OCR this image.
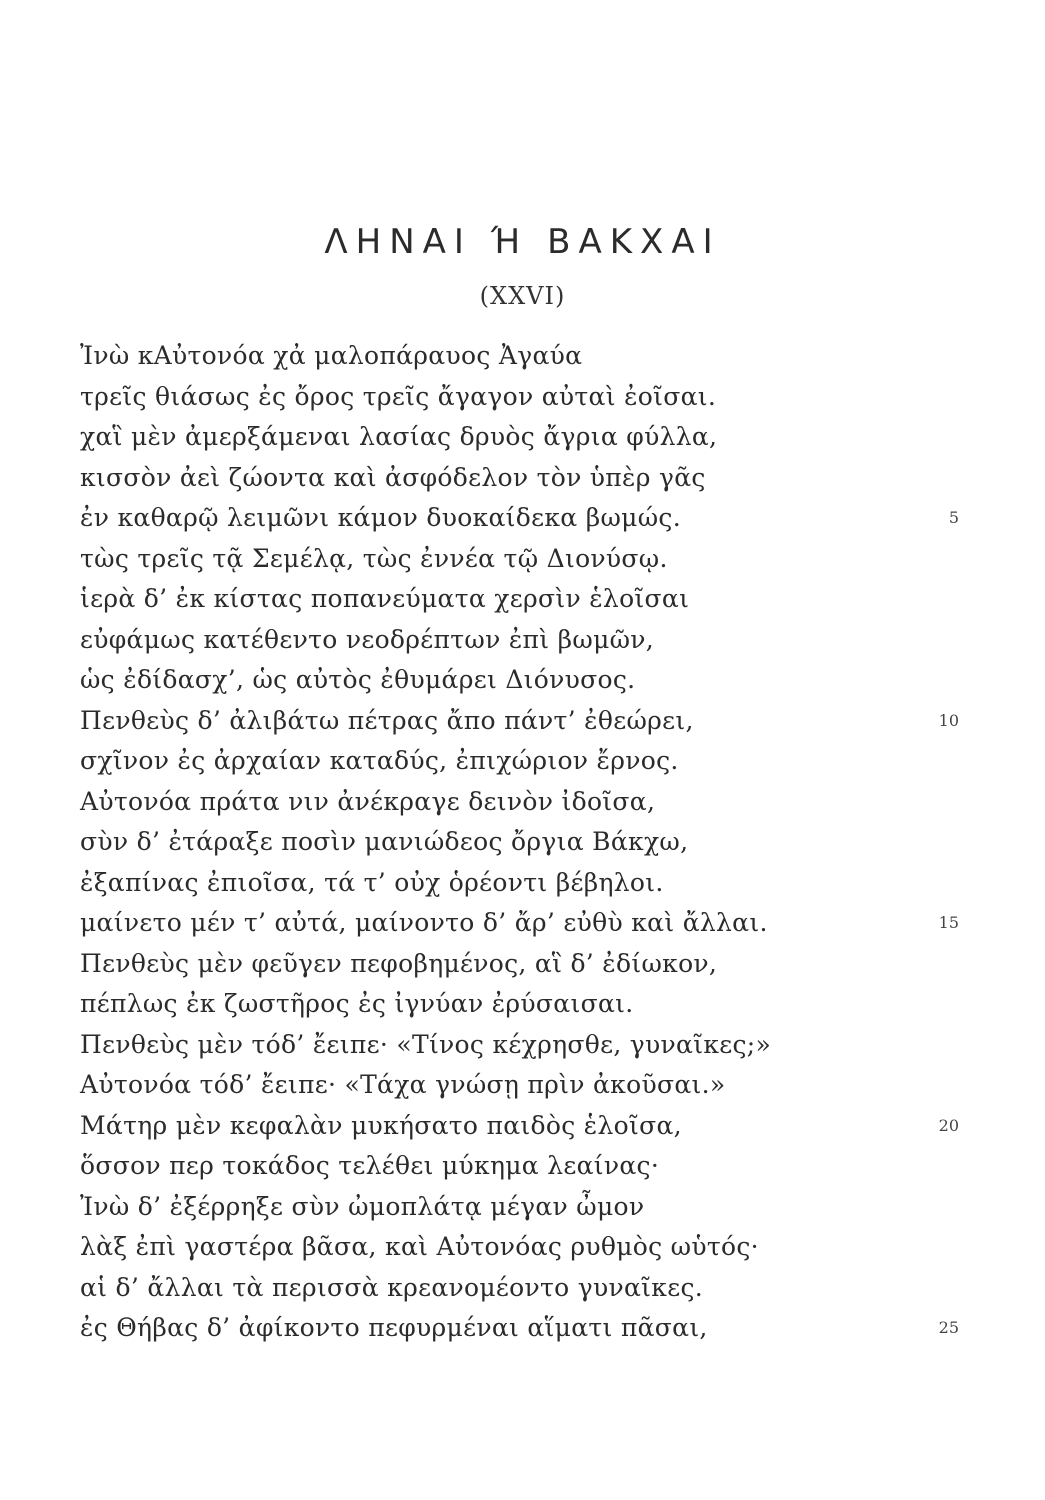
ΛΗΝΑΙ Ή ΒΑΚΧΑΙ
(XXVI)
Ἰνὼ κΑὐτονόα χἀ μαλοπάραυος Ἀγαύα
τρεῖς θιάσως ἐς ὄρος τρεῖς ἄγαγον αὐταὶ ἐοῖσαι.
χαἳ μὲν ἀμερξάμεναι λασίας δρυὸς ἄγρια φύλλα,
κισσὸν ἀεὶ ζώοντα καὶ ἀσφόδελον τὸν ὑπὲρ γᾶς
ἐν καθαρῷ λειμῶνι κάμον δυοκαίδεκα βωμώς.	5
τὼς τρεῖς τᾷ Σεμέλᾳ, τὼς ἐννέα τῷ Διονύσῳ.
ἱερὰ δ’ ἐκ κίστας ποπανεύματα χερσὶν ἑλοῖσαι
εὐφάμως κατέθεντο νεοδρέπτων ἐπὶ βωμῶν,
ὡς ἐδίδασχ’, ὡς αὐτὸς ἐθυμάρει Διόνυσος.
Πενθεὺς δ’ ἀλιβάτω πέτρας ἄπο πάντ’ ἐθεώρει,	10
σχῖνον ἐς ἀρχαίαν καταδύς, ἐπιχώριον ἔρνος.
Αὐτονόα πράτα νιν ἀνέκραγε δεινὸν ἰδοῖσα,
σὺν δ’ ἐτάραξε ποσὶν μανιώδεος ὄργια Βάκχω,
ἐξαπίνας ἐπιοῖσα, τά τ’ οὐχ ὁρέοντι βέβηλοι.
μαίνετο μέν τ’ αὐτά, μαίνοντο δ’ ἄρ’ εὐθὺ καὶ ἄλλαι.	15
Πενθεὺς μὲν φεῦγεν πεφοβημένος, αἳ δ’ ἐδίωκον,
πέπλως ἐκ ζωστῆρος ἐς ἰγνύαν ἐρύσαισαι.
Πενθεὺς μὲν τόδ’ ἔειπε· «Τίνος κέχρησθε, γυναῖκες;»
Αὐτονόα τόδ’ ἔειπε· «Τάχα γνώσῃ πρὶν ἀκοῦσαι.»
Μάτηρ μὲν κεφαλὰν μυκήσατο παιδὸς ἑλοῖσα,	20
ὅσσον περ τοκάδος τελέθει μύκημα λεαίνας·
Ἰνὼ δ’ ἐξέρρηξε σὺν ὠμοπλάτᾳ μέγαν ὦμον
λὰξ ἐπὶ γαστέρα βᾶσα, καὶ Αὐτονόας ρυθμὸς ωὑτός·
αἱ δ’ ἄλλαι τὰ περισσὰ κρεανομέοντο γυναῖκες.
ἐς Θήβας δ’ ἀφίκοντο πεφυρμέναι αἵματι πᾶσαι,	25
